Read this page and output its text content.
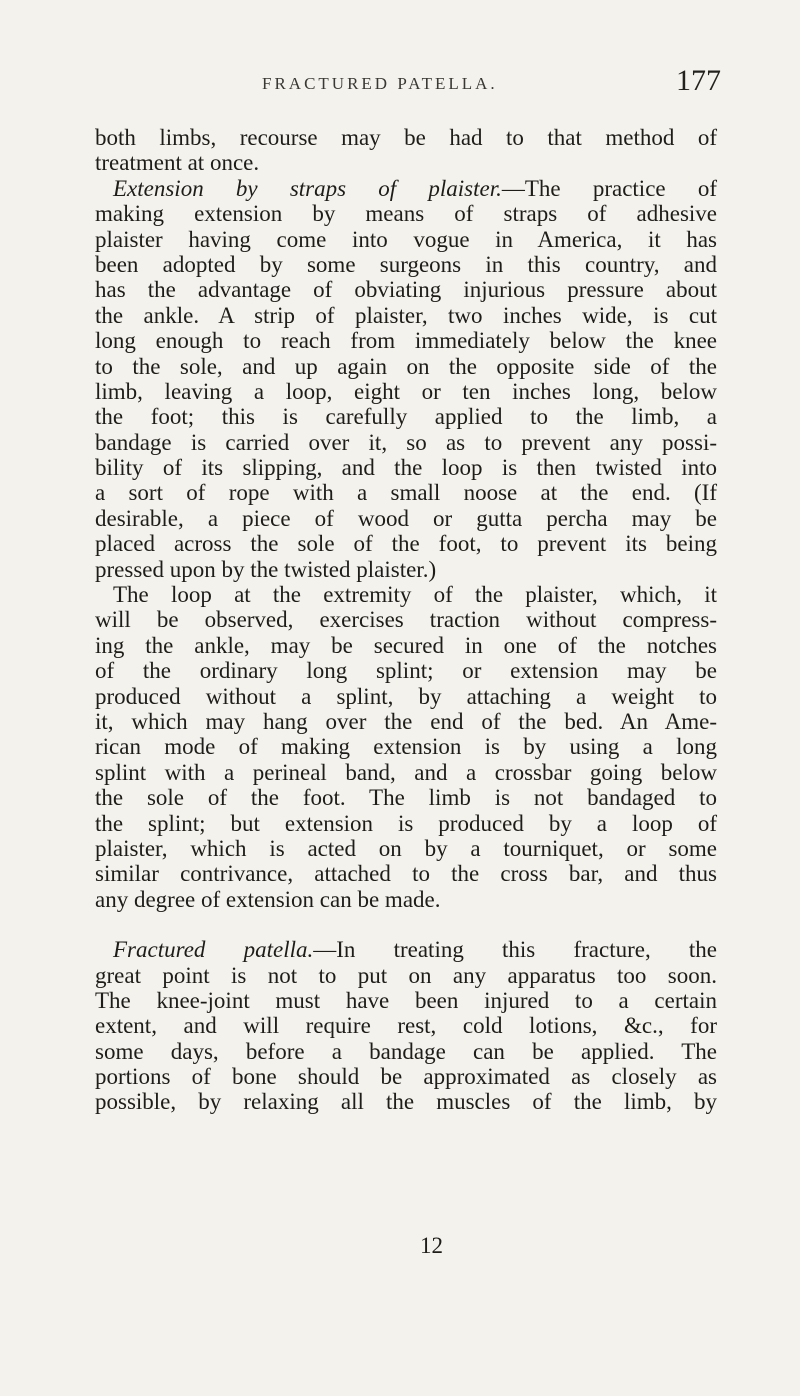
FRACTURED PATELLA.	177
both limbs, recourse may be had to that method of
treatment at once.
Extension by straps of plaister.—The practice of
making extension by means of straps of adhesive
plaister having come into vogue in America, it has
been adopted by some surgeons in this country, and
has the advantage of obviating injurious pressure about
the ankle. A strip of plaister, two inches wide, is cut
long enough to reach from immediately below the knee
to the sole, and up again on the opposite side of the
limb, leaving a loop, eight or ten inches long, below
the foot; this is carefully applied to the limb, a
bandage is carried over it, so as to prevent any possi-
bility of its slipping, and the loop is then twisted into
a sort of rope with a small noose at the end. (If
desirable, a piece of wood or gutta percha may be
placed across the sole of the foot, to prevent its being
pressed upon by the twisted plaister.)
The loop at the extremity of the plaister, which, it
will be observed, exercises traction without compress-
ing the ankle, may be secured in one of the notches
of the ordinary long splint; or extension may be
produced without a splint, by attaching a weight to
it, which may hang over the end of the bed. An Ame-
rican mode of making extension is by using a long
splint with a perineal band, and a crossbar going below
the sole of the foot. The limb is not bandaged to
the splint; but extension is produced by a loop of
plaister, which is acted on by a tourniquet, or some
similar contrivance, attached to the cross bar, and thus
any degree of extension can be made.
Fractured patella.—In treating this fracture, the
great point is not to put on any apparatus too soon.
The knee-joint must have been injured to a certain
extent, and will require rest, cold lotions, &c., for
some days, before a bandage can be applied. The
portions of bone should be approximated as closely as
possible, by relaxing all the muscles of the limb, by
12
